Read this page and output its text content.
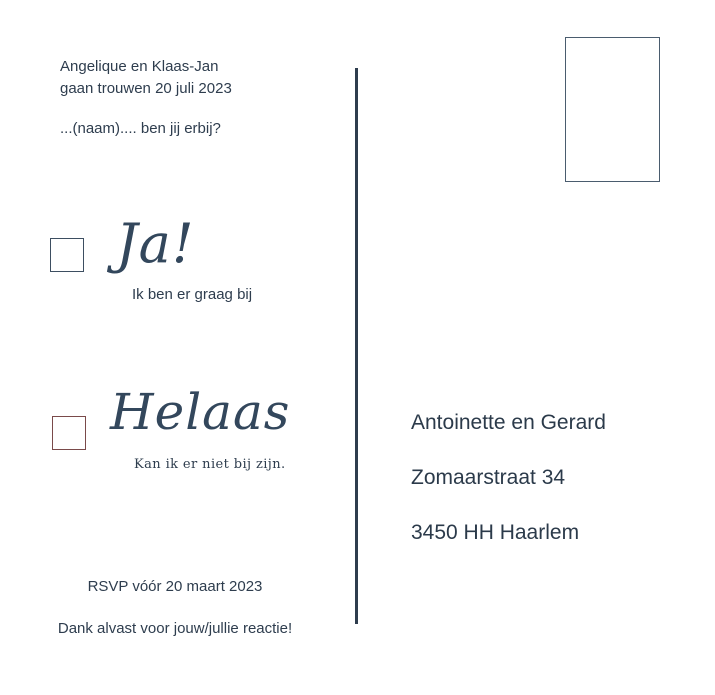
Angelique en Klaas-Jan
gaan trouwen 20 juli 2023
...(naam).... ben jij erbij?
Ja!
Ik ben er graag bij
Helaas
Kan ik er niet bij zijn.
RSVP vóór 20 maart 2023
Dank alvast voor jouw/jullie reactie!
Antoinette en Gerard
Zomaarstraat 34
3450 HH Haarlem
